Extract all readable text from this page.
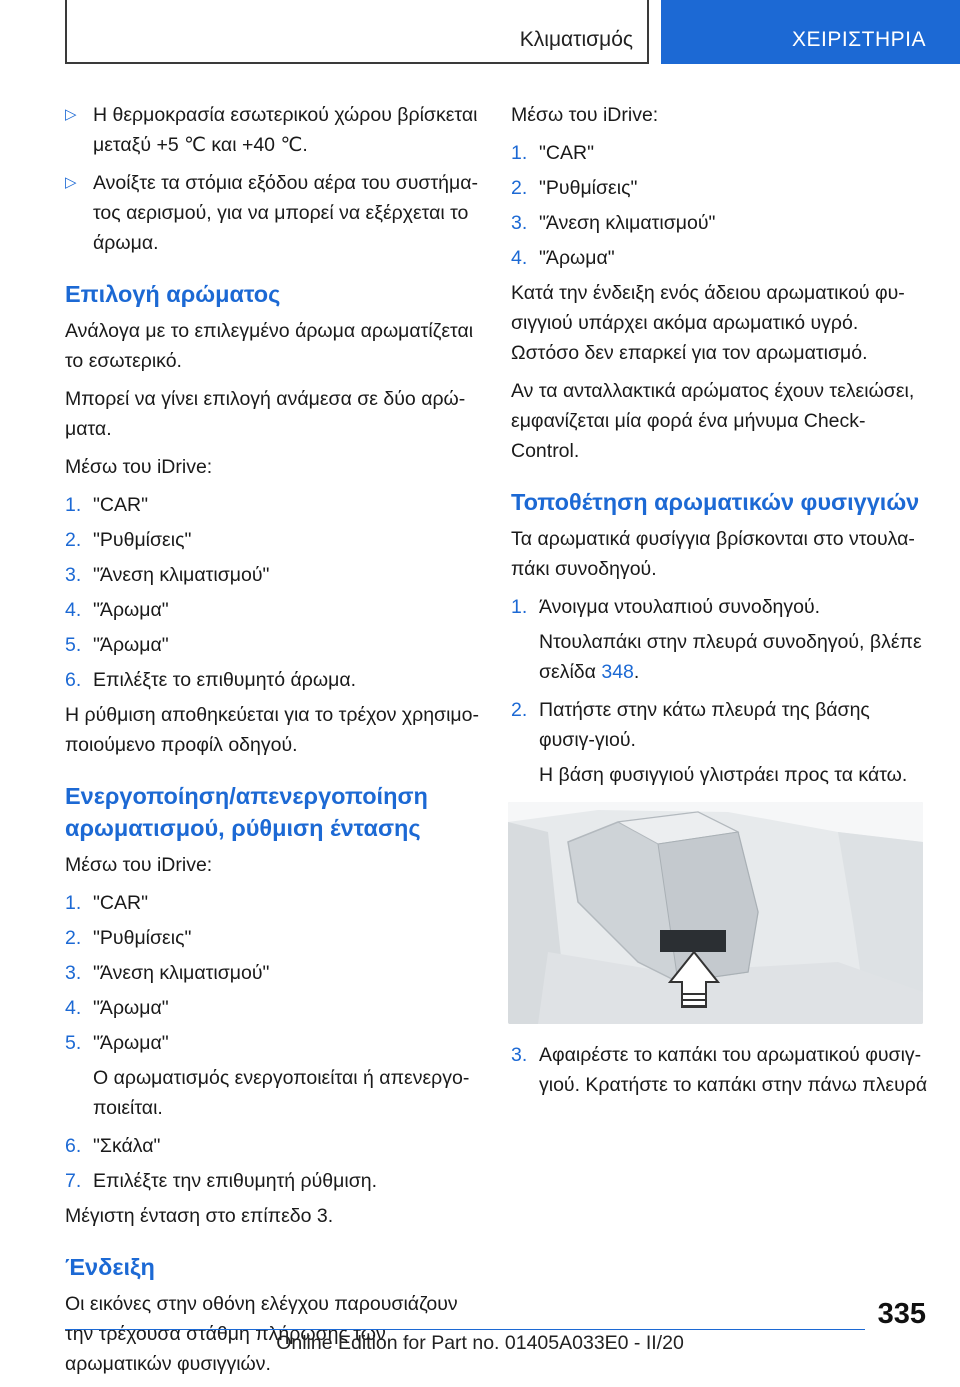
Κλιματισμός	ΧΕΙΡΙΣΤΗΡΙΑ
▷ Η θερμοκρασία εσωτερικού χώρου βρίσκεται μεταξύ +5 ℃ και +40 ℃.
▷ Ανοίξτε τα στόμια εξόδου αέρα του συστήμα-τος αερισμού, για να μπορεί να εξέρχεται το άρωμα.
Επιλογή αρώματος

Ανάλογα με το επιλεγμένο άρωμα αρωματίζεται το εσωτερικό.

Μπορεί να γίνει επιλογή ανάμεσα σε δύο αρώ-ματα.

Μέσω του iDrive:

1. "CAR"
2. "Ρυθμίσεις"
3. "Άνεση κλιματισμού"
4. "Άρωμα"
5. "Άρωμα"
6. Επιλέξτε το επιθυμητό άρωμα.

Η ρύθμιση αποθηκεύεται για το τρέχον χρησιμο-ποιούμενο προφίλ οδηγού.

Ενεργοποίηση/απενεργοποίηση αρωματισμού, ρύθμιση έντασης

Μέσω του iDrive:

1. "CAR"
2. "Ρυθμίσεις"
3. "Άνεση κλιματισμού"
4. "Άρωμα"
5. "Άρωμα"

Ο αρωματισμός ενεργοποιείται ή απενεργο-ποιείται.

6. "Σκάλα"
7. Επιλέξτε την επιθυμητή ρύθμιση.

Μέγιστη ένταση στο επίπεδο 3.

Ένδειξη

Οι εικόνες στην οθόνη ελέγχου παρουσιάζουν την τρέχουσα στάθμη πλήρωσης των αρωματικών φυσιγγιών.

Μέσω του iDrive:

1. "CAR"
2. "Ρυθμίσεις"
3. "Άνεση κλιματισμού"
4. "Άρωμα"

Κατά την ένδειξη ενός άδειου αρωματικού φυ-σιγγιού υπάρχει ακόμα αρωματικό υγρό. Ωστόσο δεν επαρκεί για τον αρωματισμό.

Αν τα ανταλλακτικά αρώματος έχουν τελειώσει, εμφανίζεται μία φορά ένα μήνυμα Check-Control.

Τοποθέτηση αρωματικών φυσιγγιών

Τα αρωματικά φυσίγγια βρίσκονται στο ντουλα-πάκι συνοδηγού.

1. Άνοιγμα ντουλαπιού συνοδηγού.

Ντουλαπάκι στην πλευρά συνοδηγού, βλέπε σελίδα 348.

2. Πατήστε στην κάτω πλευρά της βάσης φυσιγ-γιού.

Η βάση φυσιγγιού γλιστράει προς τα κάτω.

3. Αφαιρέστε το καπάκι του αρωματικού φυσιγ-γιού. Κρατήστε το καπάκι στην πάνω πλευρά
335
Online Edition for Part no. 01405A033E0 - II/20
